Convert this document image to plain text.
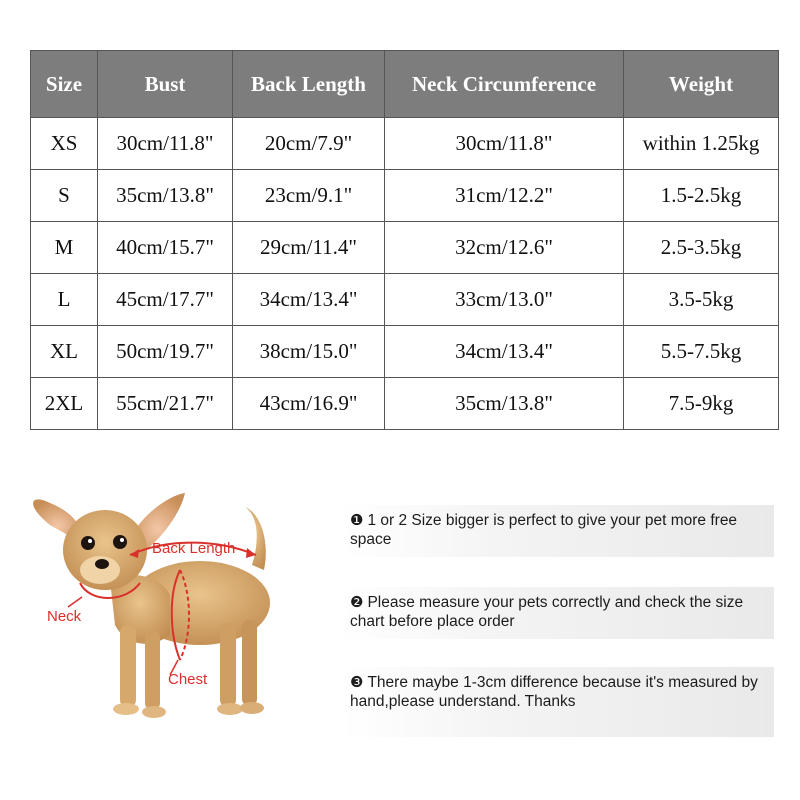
Size	Bust	Back Length	Neck Circumference	Weight
XS	30cm/11.8"	20cm/7.9"	30cm/11.8"	within 1.25kg
S	35cm/13.8"	23cm/9.1"	31cm/12.2"	1.5-2.5kg
M	40cm/15.7"	29cm/11.4"	32cm/12.6"	2.5-3.5kg
L	45cm/17.7"	34cm/13.4"	33cm/13.0"	3.5-5kg
XL	50cm/19.7"	38cm/15.0"	34cm/13.4"	5.5-7.5kg
2XL	55cm/21.7"	43cm/16.9"	35cm/13.8"	7.5-9kg
Back Length
Neck
Chest
❶ 1 or 2 Size bigger is perfect to give your pet more free space
❷ Please measure your pets correctly and check the size chart before place order
❸ There maybe 1-3cm difference because it's measured by hand,please understand. Thanks
